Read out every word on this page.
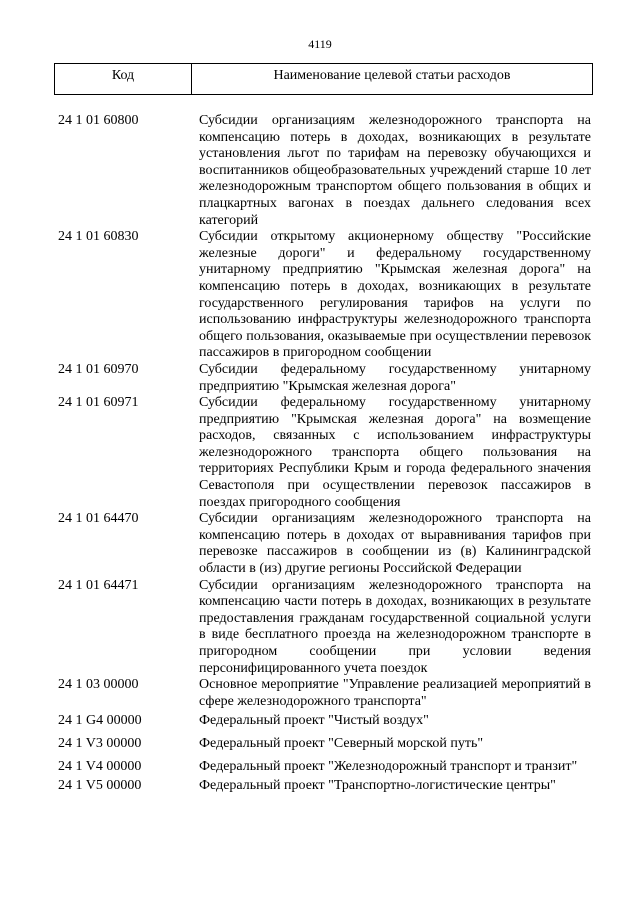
4119
Код	Наименование целевой статьи расходов
24 1 01 60800	Субсидии организациям железнодорожного транспорта на компенсацию потерь в доходах, возникающих в результате установления льгот по тарифам на перевозку обучающихся и воспитанников общеобразовательных учреждений старше 10 лет железнодорожным транспортом общего пользования в общих и плацкартных вагонах в поездах дальнего следования всех категорий
24 1 01 60830	Субсидии открытому акционерному обществу "Российские железные дороги" и федеральному государственному унитарному предприятию "Крымская железная дорога" на компенсацию потерь в доходах, возникающих в результате государственного регулирования тарифов на услуги по использованию инфраструктуры железнодорожного транспорта общего пользования, оказываемые при осуществлении перевозок пассажиров в пригородном сообщении
24 1 01 60970	Субсидии федеральному государственному унитарному предприятию "Крымская железная дорога"
24 1 01 60971	Субсидии федеральному государственному унитарному предприятию "Крымская железная дорога" на возмещение расходов, связанных с использованием инфраструктуры железнодорожного транспорта общего пользования на территориях Республики Крым и города федерального значения Севастополя при осуществлении перевозок пассажиров в поездах пригородного сообщения
24 1 01 64470	Субсидии организациям железнодорожного транспорта на компенсацию потерь в доходах от выравнивания тарифов при перевозке пассажиров в сообщении из (в) Калининградской области в (из) другие регионы Российской Федерации
24 1 01 64471	Субсидии организациям железнодорожного транспорта на компенсацию части потерь в доходах, возникающих в результате предоставления гражданам государственной социальной услуги в виде бесплатного проезда на железнодорожном транспорте в пригородном сообщении при условии ведения персонифицированного учета поездок
24 1 03 00000	Основное мероприятие "Управление реализацией мероприятий в сфере железнодорожного транспорта"
24 1 G4 00000	Федеральный проект "Чистый воздух"
24 1 V3 00000	Федеральный проект "Северный морской путь"
24 1 V4 00000	Федеральный проект "Железнодорожный транспорт и транзит"
24 1 V5 00000	Федеральный проект "Транспортно-логистические центры"
